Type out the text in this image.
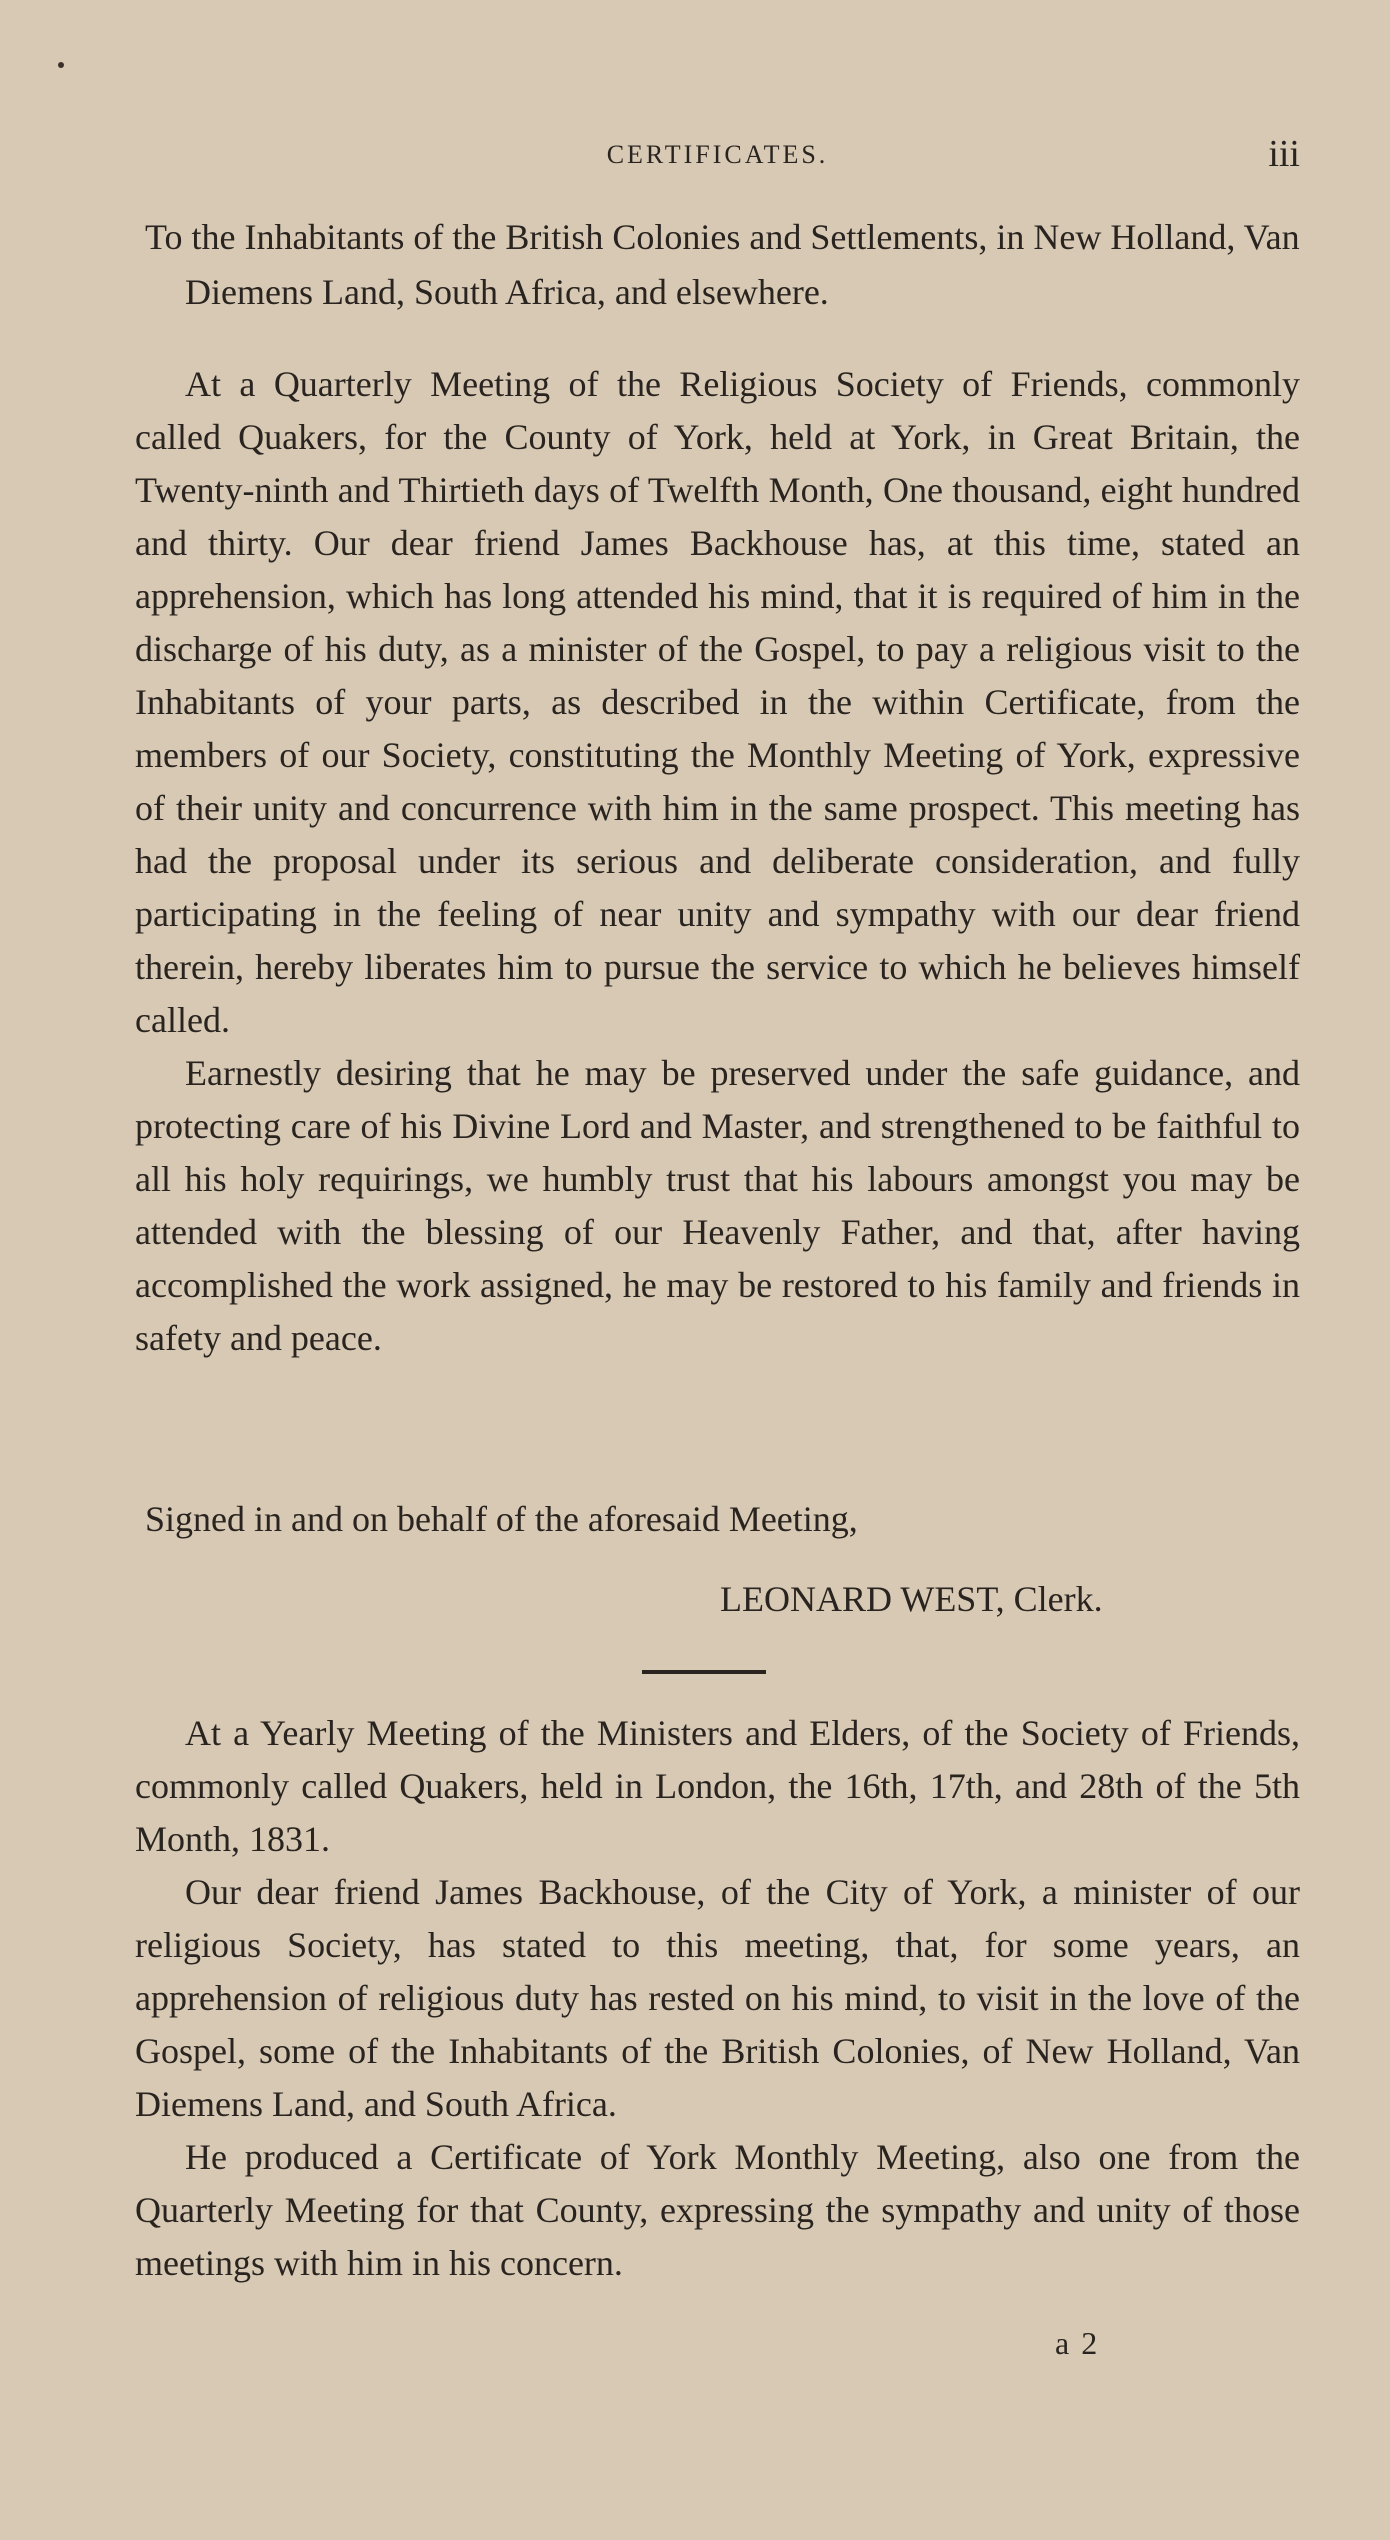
CERTIFICATES.	iii

To the Inhabitants of the British Colonies and Settlements, in New Holland, Van Diemens Land, South Africa, and elsewhere.

At a Quarterly Meeting of the Religious Society of Friends, commonly called Quakers, for the County of York, held at York, in Great Britain, the Twenty-ninth and Thirtieth days of Twelfth Month, One thousand, eight hundred and thirty. Our dear friend James Backhouse has, at this time, stated an apprehension, which has long attended his mind, that it is required of him in the discharge of his duty, as a minister of the Gospel, to pay a religious visit to the Inhabitants of your parts, as described in the within Certificate, from the members of our Society, constituting the Monthly Meeting of York, expressive of their unity and concurrence with him in the same prospect. This meeting has had the proposal under its serious and deliberate consideration, and fully participating in the feeling of near unity and sympathy with our dear friend therein, hereby liberates him to pursue the service to which he believes himself called.

Earnestly desiring that he may be preserved under the safe guidance, and protecting care of his Divine Lord and Master, and strengthened to be faithful to all his holy requirings, we humbly trust that his labours amongst you may be attended with the blessing of our Heavenly Father, and that, after having accomplished the work assigned, he may be restored to his family and friends in safety and peace.

Signed in and on behalf of the aforesaid Meeting,
LEONARD WEST, Clerk.

At a Yearly Meeting of the Ministers and Elders, of the Society of Friends, commonly called Quakers, held in London, the 16th, 17th, and 28th of the 5th Month, 1831.

Our dear friend James Backhouse, of the City of York, a minister of our religious Society, has stated to this meeting, that, for some years, an apprehension of religious duty has rested on his mind, to visit in the love of the Gospel, some of the Inhabitants of the British Colonies, of New Holland, Van Diemens Land, and South Africa.

He produced a Certificate of York Monthly Meeting, also one from the Quarterly Meeting for that County, expressing the sympathy and unity of those meetings with him in his concern.

a 2
